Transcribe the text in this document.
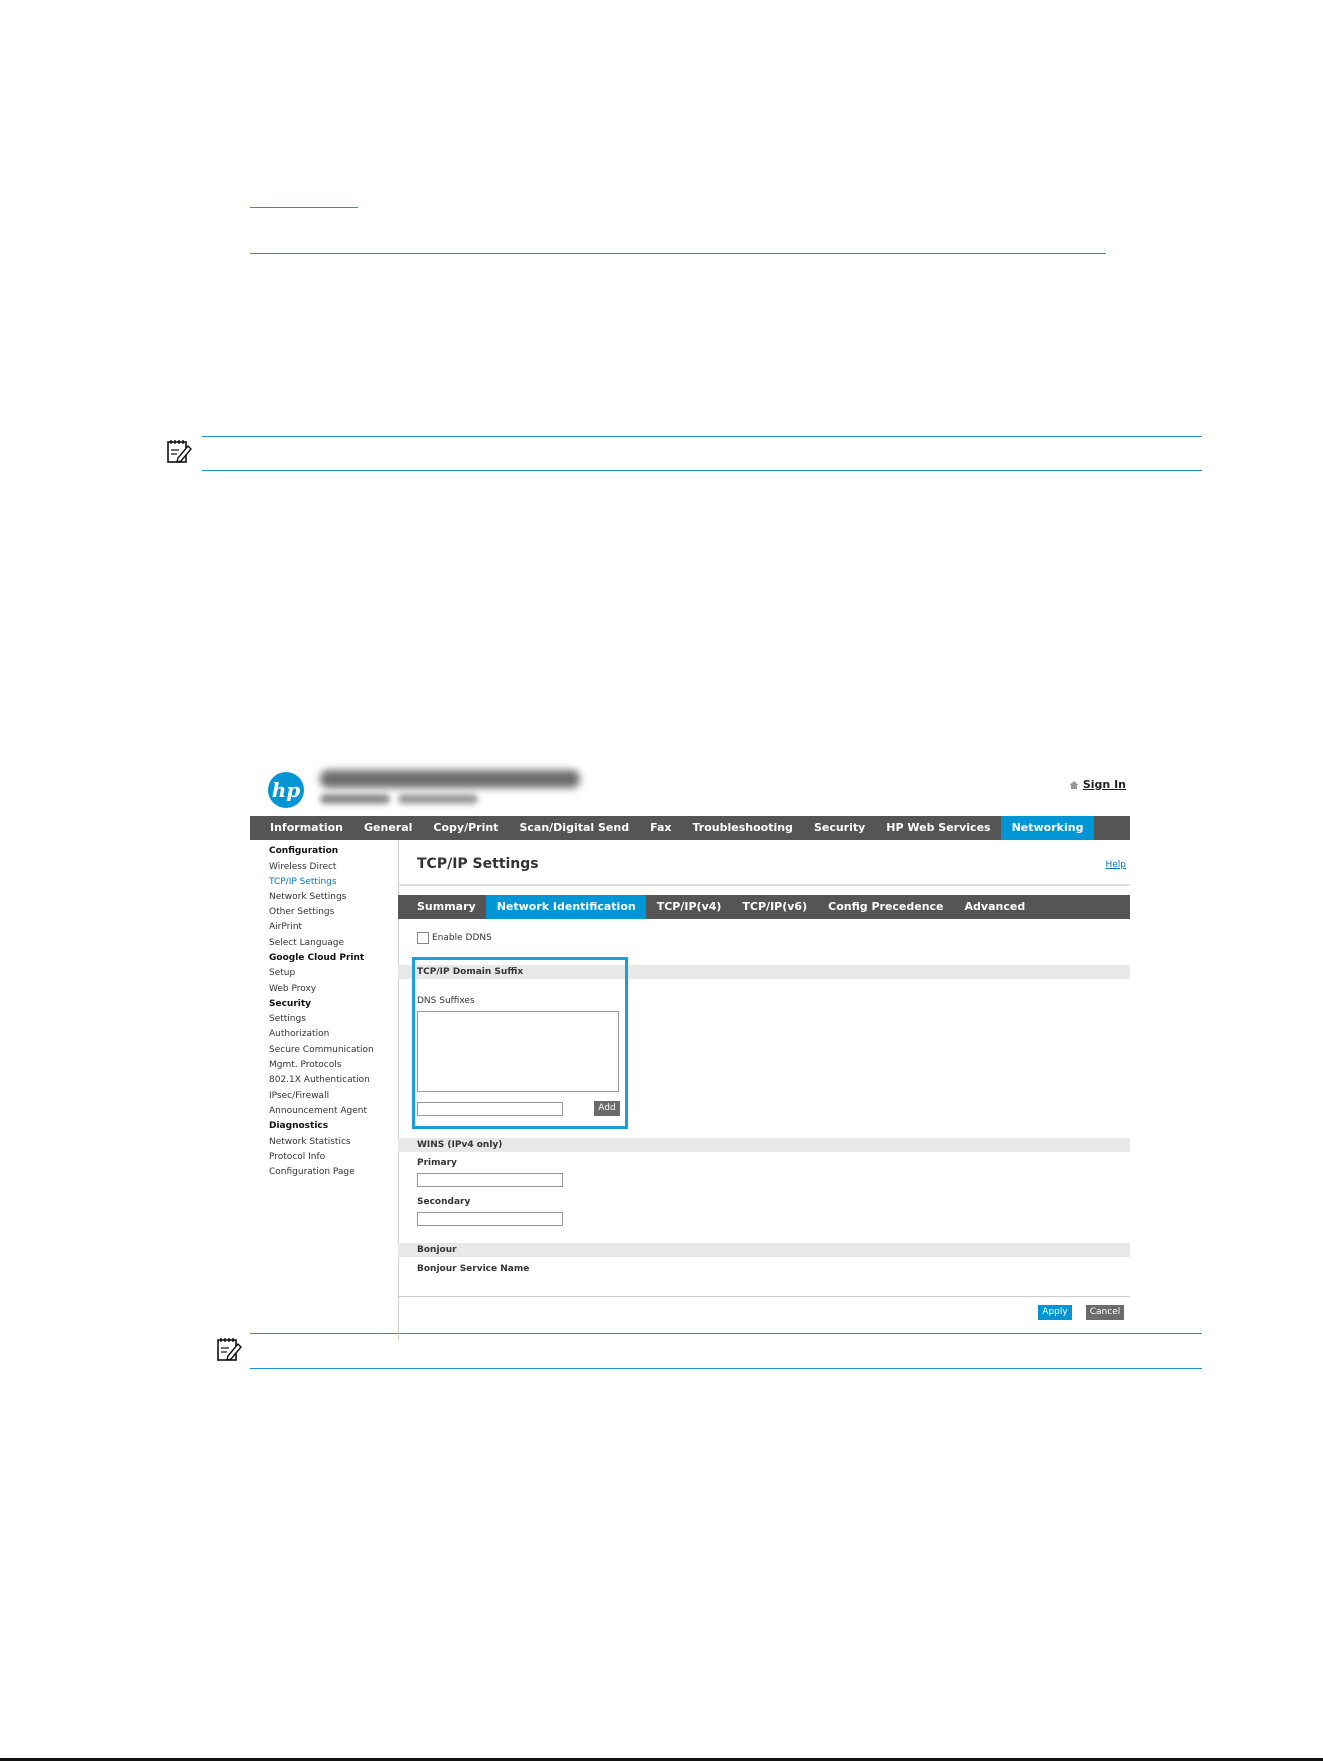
hp	Sign In
Information	General	Copy/Print	Scan/Digital Send	Fax	Troubleshooting	Security	HP Web Services	Networking
Configuration
Wireless Direct
TCP/IP Settings
Network Settings
Other Settings
AirPrint
Select Language
Google Cloud Print
Setup
Web Proxy
Security
Settings
Authorization
Secure Communication
Mgmt. Protocols
802.1X Authentication
IPsec/Firewall
Announcement Agent
Diagnostics
Network Statistics
Protocol Info
Configuration Page
TCP/IP Settings	Help
Summary	Network Identification	TCP/IP(v4)	TCP/IP(v6)	Config Precedence	Advanced
Enable DDNS
TCP/IP Domain Suffix
DNS Suffixes
Add
WINS (IPv4 only)
Primary
Secondary
Bonjour
Bonjour Service Name
Apply	Cancel
